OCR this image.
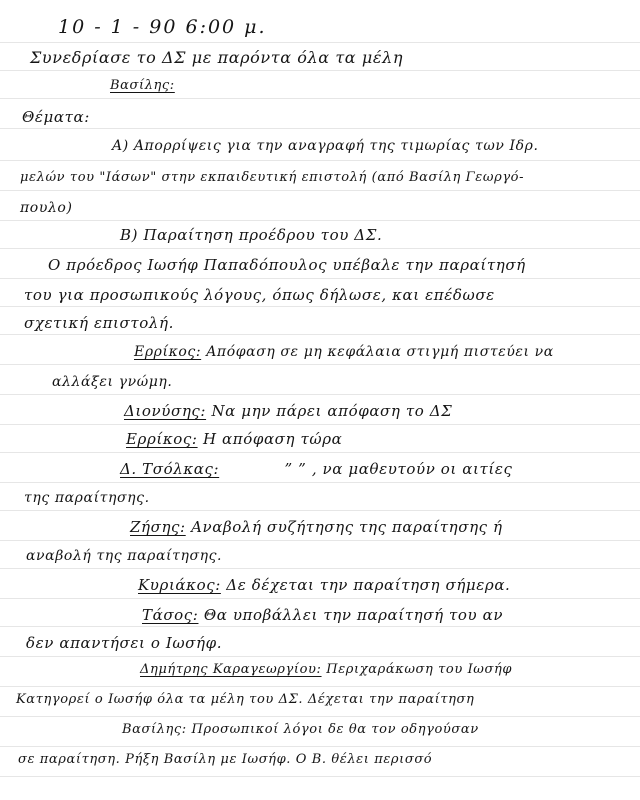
10 - 1 - 90 6:00 μ.
Συνεδρίασε το ΔΣ με παρόντα όλα τα μέλη
Βασίλης:
Θέματα:
Α) Απορρίψεις για την αναγραφή της τιμωρίας των Ιδρ.
μελών του "Ιάσων" στην εκπαιδευτική επιστολή (από Βασίλη Γεωργό-
πουλο)
Β) Παραίτηση προέδρου του ΔΣ.
Ο πρόεδρος Ιωσήφ Παπαδόπουλος υπέβαλε την παραίτησή
του για προσωπικούς λόγους, όπως δήλωσε, και επέδωσε
σχετική επιστολή.
Ερρίκος: Απόφαση σε μη κεφάλαια στιγμή πιστεύει να
αλλάξει γνώμη.
Διονύσης: Να μην πάρει απόφαση το ΔΣ
Ερρίκος: Η απόφαση τώρα
Δ. Τσόλκας:	” ” , να μαθευτούν οι αιτίες
της παραίτησης.
Ζήσης: Αναβολή συζήτησης της παραίτησης ή
αναβολή της παραίτησης.
Κυριάκος: Δε δέχεται την παραίτηση σήμερα.
Τάσος: Θα υποβάλλει την παραίτησή του αν
δεν απαντήσει ο Ιωσήφ.
Δημήτρης Καραγεωργίου: Περιχαράκωση του Ιωσήφ
Κατηγορεί ο Ιωσήφ όλα τα μέλη του ΔΣ. Δέχεται την παραίτηση
Βασίλης: Προσωπικοί λόγοι δε θα τον οδηγούσαν
σε παραίτηση. Ρήξη Βασίλη με Ιωσήφ. Ο Β. θέλει περισσό
